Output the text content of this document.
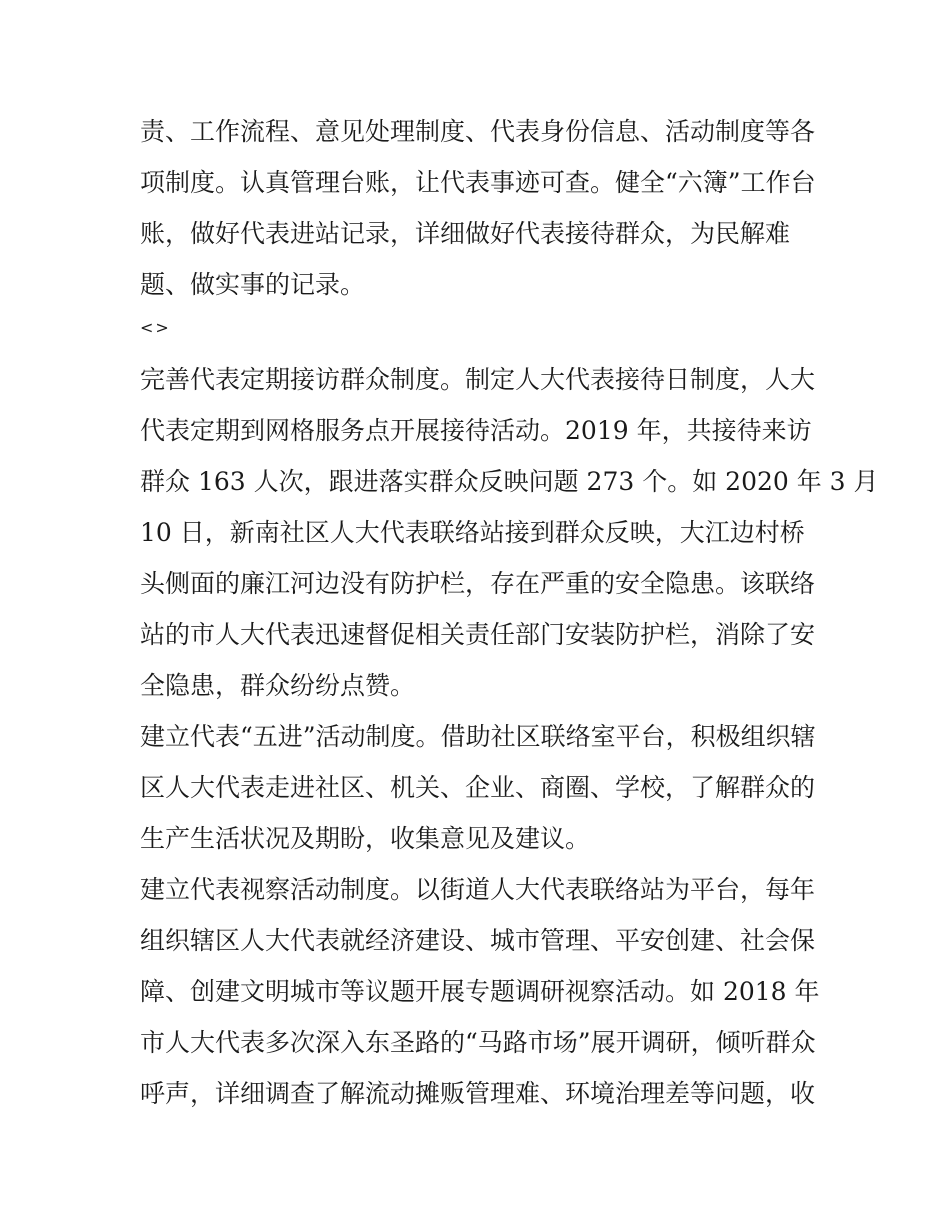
责、工作流程、意见处理制度、代表身份信息、活动制度等各
项制度。认真管理台账，让代表事迹可查。健全“六簿”工作台
账，做好代表进站记录，详细做好代表接待群众，为民解难
题、做实事的记录。
<>
完善代表定期接访群众制度。制定人大代表接待日制度，人大
代表定期到网格服务点开展接待活动。2019 年，共接待来访
群众 163 人次，跟进落实群众反映问题 273 个。如 2020 年 3 月
10 日，新南社区人大代表联络站接到群众反映，大江边村桥
头侧面的廉江河边没有防护栏，存在严重的安全隐患。该联络
站的市人大代表迅速督促相关责任部门安装防护栏，消除了安
全隐患，群众纷纷点赞。
建立代表“五进”活动制度。借助社区联络室平台，积极组织辖
区人大代表走进社区、机关、企业、商圈、学校，了解群众的
生产生活状况及期盼，收集意见及建议。
建立代表视察活动制度。以街道人大代表联络站为平台，每年
组织辖区人大代表就经济建设、城市管理、平安创建、社会保
障、创建文明城市等议题开展专题调研视察活动。如 2018 年
市人大代表多次深入东圣路的“马路市场”展开调研，倾听群众
呼声，详细调查了解流动摊贩管理难、环境治理差等问题，收
